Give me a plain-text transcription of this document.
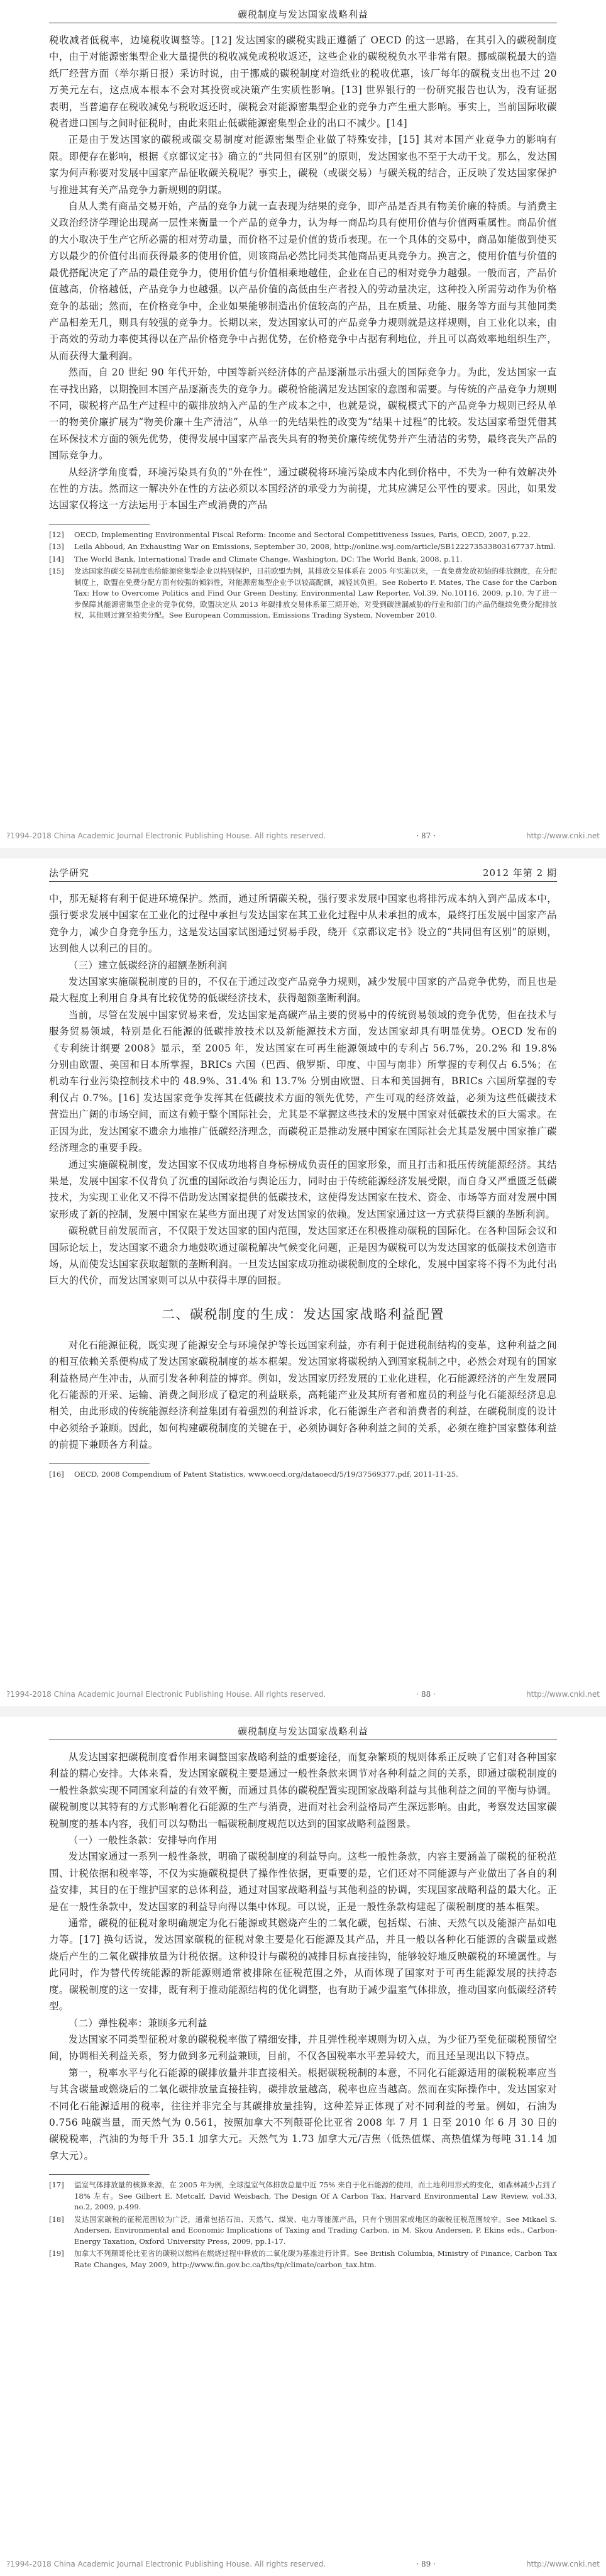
碳税制度与发达国家战略利益

税收减者低税率，边境税收调整等。[12] 发达国家的碳税实践正遵循了 OECD 的这一思路，在其引入的碳税制度中，由于对能源密集型企业大量提供的税收减免或税收返还，这些企业的碳税税负水平非常有限。挪威碳税最大的造纸厂经营方面（举尔斯日报）采访时说，由于挪威的碳税制度对造纸业的税收优惠，该厂每年的碳税支出也不过 20 万美元左右，这点成本根本不会对其投资或决策产生实质性影响。[13] 世界银行的一份研究报告也认为，没有证据表明，当普遍存在税收减免与税收返还时，碳税会对能源密集型企业的竞争力产生重大影响。事实上，当前国际收碳税者进口国与之间时征税时，由此来阻止低碳能源密集型企业的出口不减少。[14]

正是由于发达国家的碳税或碳交易制度对能源密集型企业做了特殊安排，[15] 其对本国产业竞争力的影响有限。即便存在影响，根据《京都议定书》确立的“共同但有区别”的原则，发达国家也不至于大动干戈。那么，发达国家为何声称要对发展中国家产品征收碳关税呢？事实上，碳税（或碳交易）与碳关税的结合，正反映了发达国家保护与推进其有关产品竞争力新规则的阴谋。

自从人类有商品交易开始，产品的竞争力就一直表现为结果的竞争，即产品是否具有物美价廉的特质。与消费主义政治经济学理论出现高一层性来衡量一个产品的竞争力，认为每一商品均具有使用价值与价值两重属性。商品价值的大小取决于生产它所必需的相对劳动量，而价格不过是价值的货币表现。在一个具体的交易中，商品如能做到使买方以最少的价值付出而获得最多的使用价值，则该商品必然比同类其他商品更具竞争力。换言之，使用价值与价值的最优搭配决定了产品的最佳竞争力，使用价值与价值相乘地越佳，企业在自己的相对竞争力越强。一般而言，产品价值越高，价格越低，产品竞争力也越强。以产品价值的高低由生产者投入的劳动量决定，这种投入所需劳动作为价格竞争的基础；然而，在价格竞争中，企业如果能够制造出价值较高的产品，且在质量、功能、服务等方面与其他同类产品相差无几，则具有较强的竞争力。长期以来，发达国家认可的产品竞争力规则就是这样规则，自工业化以来，由于高效的劳动力率使其得以在产品价格竞争中占据优势，在价格竞争中占据有利地位，并且可以高效率地组织生产，从而获得大量利润。

然而，自 20 世纪 90 年代开始，中国等新兴经济体的产品逐渐显示出强大的国际竞争力。为此，发达国家一直在寻找出路，以期挽回本国产品逐渐丧失的竞争力。碳税恰能满足发达国家的意图和需要。与传统的产品竞争力规则不同，碳税将产品生产过程中的碳排放纳入产品的生产成本之中，也就是说，碳税模式下的产品竞争力规则已经从单一的物美价廉扩展为“物美价廉＋生产清洁”，从单一的先结果性的改变为“结果＋过程”的比较。发达国家希望凭借其在环保技术方面的领先优势，使得发展中国家产品丧失具有的物美价廉传统优势并产生清洁的劣势，最终丧失产品的国际竞争力。

从经济学角度看，环境污染具有负的“外在性”，通过碳税将环境污染成本内化到价格中，不失为一种有效解决外在性的方法。然而这一解决外在性的方法必须以本国经济的承受力为前提，尤其应满足公平性的要求。因此，如果发达国家仅将这一方法运用于本国生产或消费的产品

[12]	OECD, Implementing Environmental Fiscal Reform: Income and Sectoral Competitiveness Issues, Paris, OECD, 2007, p.22.
[13]	Leila Abboud, An Exhausting War on Emissions, September 30, 2008, http://online.wsj.com/article/SB122273533803167737.html.
[14]	The World Bank, International Trade and Climate Change, Washington, DC: The World Bank, 2008, p.11.
[15]	发达国家的碳交易制度也给能源密集型企业以特别保护，目前欧盟为例，其排放交易体系在 2005 年实施以来，一直免费发放初始的排放额度，在分配制度上，欧盟在免费分配方面有较强的倾斜性，对能源密集型企业予以较高配额，减轻其负担。See Roberto F. Mates, The Case for the Carbon Tax: How to Overcome Politics and Find Our Green Destiny, Environmental Law Reporter, Vol.39, No.10116, 2009, p.10. 为了进一步保障其能源密集型企业的竞争优势，欧盟决定从 2013 年碳排放交易体系第三期开始，对受到碳泄漏威胁的行业和部门的产品仍继续免费分配排放权，其他则过渡至拍卖分配。See European Commission, Emissions Trading System, November 2010.
?1994-2018 China Academic Journal Electronic Publishing House. All rights reserved.	· 87 ·	http://www.cnki.net
法学研究	2012 年第 2 期

中，那无疑将有利于促进环境保护。然而，通过所谓碳关税，强行要求发展中国家也将排污成本纳入到产品成本中，强行要求发展中国家在工业化的过程中承担与发达国家在其工业化过程中从未承担的成本，最终打压发展中国家产品竞争力，减少自身竞争压力，这是发达国家试图通过贸易手段，绕开《京都议定书》设立的“共同但有区别”的原则，达到他人以利己的目的。

（三）建立低碳经济的超额垄断利润

发达国家实施碳税制度的目的，不仅在于通过改变产品竞争力规则，减少发展中国家的产品竞争优势，而且也是最大程度上利用自身具有比较优势的低碳经济技术，获得超额垄断利润。

当前，尽管在发展中国家贸易来看，发达国家是高碳产品主要的贸易中的传统贸易领域的竞争优势，但在技术与服务贸易领域，特别是化石能源的低碳排放技术以及新能源技术方面，发达国家却具有明显优势。OECD 发布的《专利统计纲要 2008》显示，至 2005 年，发达国家在可再生能源领域中的专利占 56.7%，20.2% 和 19.8% 分别由欧盟、美国和日本所掌握，BRICs 六国（巴西、俄罗斯、印度、中国与南非）所掌握的专利仅占 6.5%；在机动车行业污染控制技术中的 48.9%、31.4% 和 13.7% 分别由欧盟、日本和美国拥有，BRICs 六国所掌握的专利仅占 0.7%。[16] 发达国家竞争发挥其在低碳技术方面的领先优势，产生可观的经济效益，必须为这些低碳技术营造出广阔的市场空间，而这有赖于整个国际社会，尤其是不掌握这些技术的发展中国家对低碳技术的巨大需求。在正因为此，发达国家不遗余力地推广低碳经济理念，而碳税正是推动发展中国家在国际社会尤其是发展中国家推广碳经济理念的重要手段。

通过实施碳税制度，发达国家不仅成功地将自身标榜成负责任的国家形象，而且打击和抵压传统能源经济。其结果是，发展中国家不仅背负了沉重的国际政治与舆论压力，同时由于传统能源经济发展受限，而自身又严重匮乏低碳技术，为实现工业化又不得不借助发达国家提供的低碳技术，这使得发达国家在技术、资金、市场等方面对发展中国家形成了新的控制，发展中国家在某些方面出现了对发达国家的依赖。发达国家通过这一方式获得巨额的垄断利润。

碳税就目前发展而言，不仅限于发达国家的国内范围，发达国家还在积极推动碳税的国际化。在各种国际会议和国际论坛上，发达国家不遗余力地鼓吹通过碳税解决气候变化问题，正是因为碳税可以为发达国家的低碳技术创造市场，从而使发达国家获取超额的垄断利润。一旦发达国家成功推动碳税制度的全球化，发展中国家将不得不为此付出巨大的代价，而发达国家则可以从中获得丰厚的回报。

二、碳税制度的生成：发达国家战略利益配置

对化石能源征税，既实现了能源安全与环境保护等长远国家利益，亦有利于促进税制结构的变革，这种利益之间的相互依赖关系便构成了发达国家碳税制度的基本框架。发达国家将碳税纳入到国家税制之中，必然会对现有的国家利益格局产生冲击，从而引发各种利益的博弈。例如，发达国家历经发展的工业化进程，化石能源经济的产生发展同化石能源的开采、运输、消费之间形成了稳定的利益联系，高耗能产业及其所有者和雇员的利益与化石能源经济息息相关，由此形成的传统能源经济利益集团有着强烈的利益诉求，化石能源生产者和消费者的利益，在碳税制度的设计中必须给予兼顾。因此，如何构建碳税制度的关键在于，必须协调好各种利益之间的关系，必须在维护国家整体利益的前提下兼顾各方利益。

[16]	OECD, 2008 Compendium of Patent Statistics, www.oecd.org/dataoecd/5/19/37569377.pdf, 2011-11-25.
?1994-2018 China Academic Journal Electronic Publishing House. All rights reserved.	· 88 ·	http://www.cnki.net
碳税制度与发达国家战略利益

从发达国家把碳税制度看作用来调整国家战略利益的重要途径，而复杂繁琐的规则体系正反映了它们对各种国家利益的精心安排。大体来看，发达国家碳税主要是通过一般性条款来调节对各种利益之间的关系，即通过碳税制度的一般性条款实现不同国家利益的有效平衡，而通过具体的碳税配置实现国家战略利益与其他利益之间的平衡与协调。碳税制度以其特有的方式影响着化石能源的生产与消费，进而对社会利益格局产生深远影响。由此，考察发达国家碳税制度的基本内容，我们可以勾勒出一幅碳税制度规范以达到的国家战略利益图景。

（一）一般性条款：安排导向作用

发达国家通过一系列一般性条款，明确了碳税制度的利益导向。这些一般性条款，内容主要涵盖了碳税的征税范围、计税依据和税率等，不仅为实施碳税提供了操作性依据，更重要的是，它们还对不同能源与产业做出了各自的利益安排，其目的在于维护国家的总体利益，通过对国家战略利益与其他利益的协调，实现国家战略利益的最大化。正是在一般性条款中，发达国家的利益导向得以集中体现。可以说，正是一般性条款构建起了碳税制度的基本框架。

通常，碳税的征税对象明确规定为化石能源或其燃烧产生的二氧化碳，包括煤、石油、天然气以及能源产品如电力等。[17] 换句话说，发达国家碳税的征税对象主要是化石能源及其产品，并且一般以各种化石能源的含碳量或燃烧后产生的二氧化碳排放量为计税依据。这种设计与碳税的减排目标直接挂钩，能够较好地反映碳税的环境属性。与此同时，作为替代传统能源的新能源则通常被排除在征税范围之外，从而体现了国家对于可再生能源发展的扶持态度。碳税制度的这一安排，既有利于推动能源结构的优化调整，也有助于减少温室气体排放，推动国家向低碳经济转型。

（二）弹性税率：兼顾多元利益

发达国家不同类型征税对象的碳税税率做了精细安排，并且弹性税率规则为切入点，为少征乃至免征碳税预留空间，协调相关利益关系，努力做到多元利益兼顾，目前，不仅各国税率水平差异较大，而且还呈现出以下特点。

第一，税率水平与化石能源的碳排放量并非直接相关。根据碳税税制的本意，不同化石能源适用的碳税税率应当与其含碳量或燃烧后的二氧化碳排放量直接挂钩，碳排放量越高，税率也应当越高。然而在实际操作中，发达国家对不同化石能源适用的税率，往往并非完全与其碳排放量挂钩，这种差异正体现了对不同利益的考量。例如，石油为 0.756 吨碳当量，而天然气为 0.561，按照加拿大不列颠哥伦比亚省 2008 年 7 月 1 日至 2010 年 6 月 30 日的碳税税率，汽油的为每千升 35.1 加拿大元。天然气为 1.73 加拿大元/吉焦（低热值煤、高热值煤为每吨 31.14 加拿大元）。

[17]	温室气体排放量的核算来源，在 2005 年为例，全球温室气体排放总量中近 75% 来自于化石能源的使用，而土地利用形式的变化，如森林减少占到了 18% 左右。See Gilbert E. Metcalf, David Weisbach, The Design Of A Carbon Tax, Harvard Environmental Law Review, vol.33, no.2, 2009, p.499.
[18]	发达国家碳税的征税范围较为广泛，通常包括石油、天然气、煤炭、电力等能源产品，只有个别国家或地区的碳税征税范围较窄。See Mikael S. Andersen, Environmental and Economic Implications of Taxing and Trading Carbon, in M. Skou Andersen, P. Ekins eds., Carbon-Energy Taxation, Oxford University Press, 2009, pp.1-17.
[19]	加拿大不列颠哥伦比亚省的碳税以燃料在燃烧过程中释放的二氧化碳为基准进行计算。See British Columbia, Ministry of Finance, Carbon Tax Rate Changes, May 2009, http://www.fin.gov.bc.ca/tbs/tp/climate/carbon_tax.htm.
?1994-2018 China Academic Journal Electronic Publishing House. All rights reserved.	· 89 ·	http://www.cnki.net
